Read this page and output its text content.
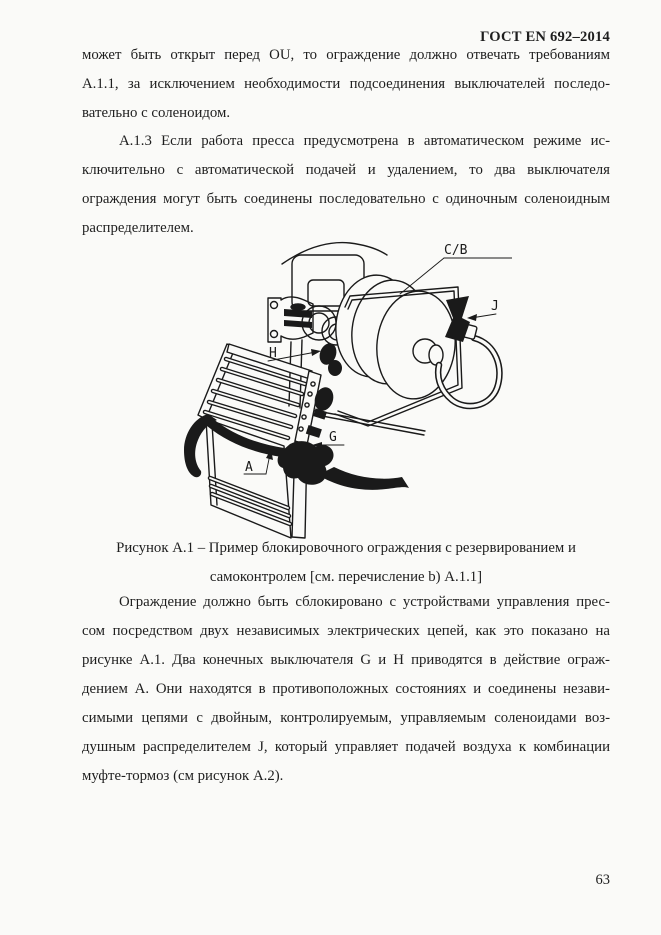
ГОСТ EN 692–2014
может быть открыт перед OU, то ограждение должно отвечать требованиям
А.1.1, за исключением необходимости подсоединения выключателей последо-
вательно с соленоидом.
А.1.3 Если работа пресса предусмотрена в автоматическом режиме ис-
ключительно с автоматической подачей и удалением, то два выключателя
ограждения могут быть соединены последовательно с одиночным соленоидным
распределителем.
Рисунок А.1 – Пример блокировочного ограждения с резервированием и
самоконтролем [см. перечисление b) А.1.1]
Ограждение должно быть сблокировано с устройствами управления прес-
сом посредством двух независимых электрических цепей, как это показано на
рисунке А.1. Два конечных выключателя G и Н приводятся в действие ограж-
дением А. Они находятся в противоположных состояниях и соединены незави-
симыми цепями с двойным, контролируемым, управляемым соленоидами воз-
душным распределителем J, который управляет подачей воздуха к комбинации
муфте-тормоз (см рисунок А.2).
63
C/B
J
H
G
A
